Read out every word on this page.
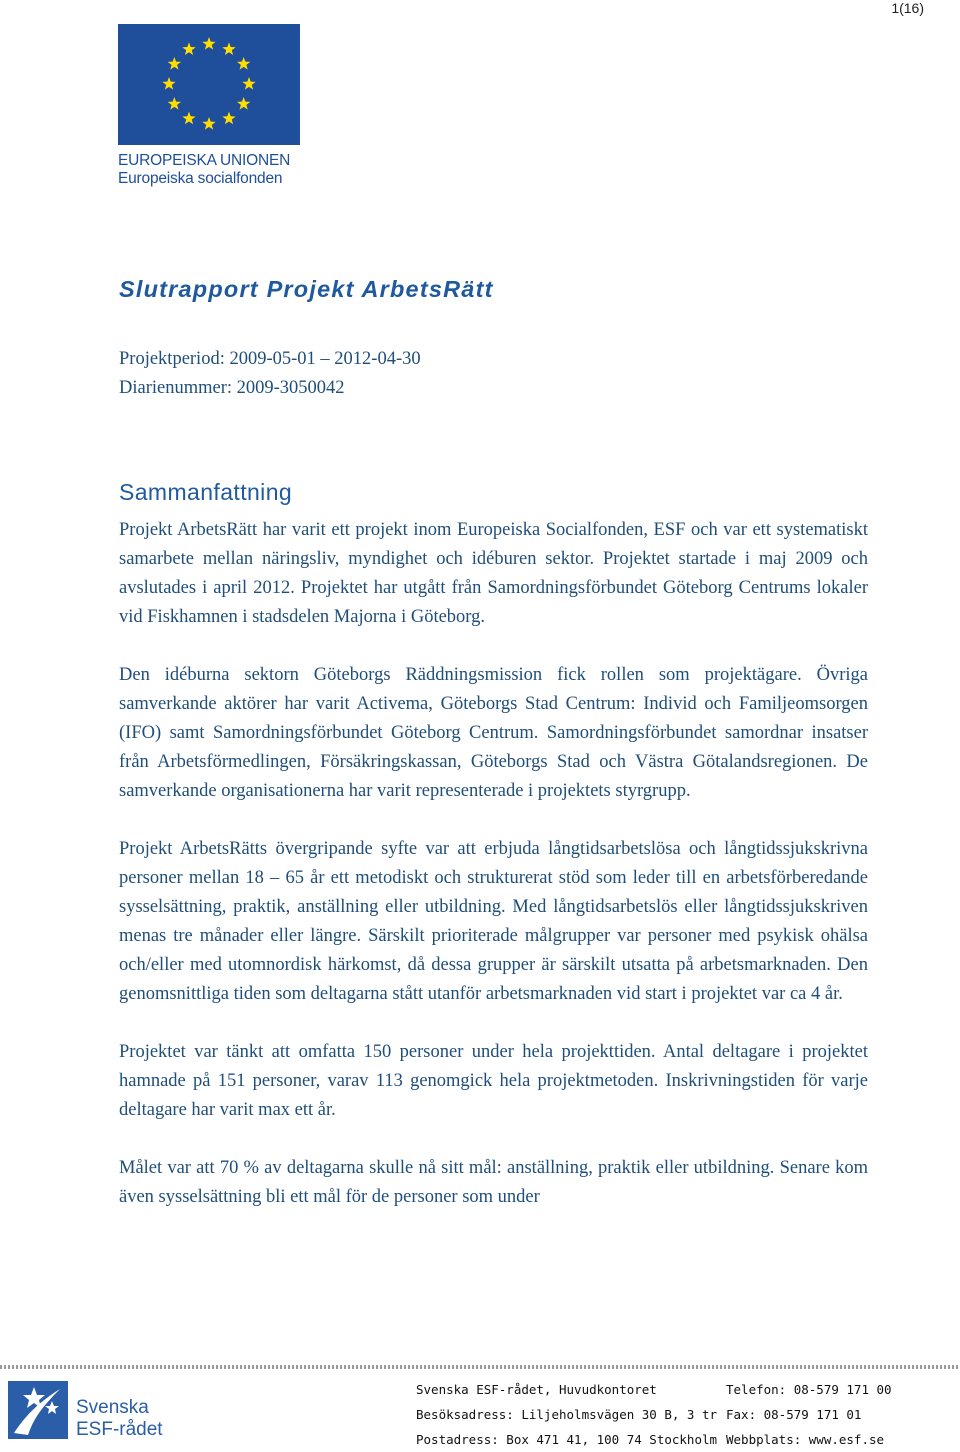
1(16)
EUROPEISKA UNIONEN
Europeiska socialfonden
Slutrapport Projekt ArbetsRätt
Projektperiod: 2009-05-01 – 2012-04-30
Diarienummer: 2009-3050042
Sammanfattning

Projekt ArbetsRätt har varit ett projekt inom Europeiska Socialfonden, ESF och var ett systematiskt samarbete mellan näringsliv, myndighet och idéburen sektor. Projektet startade i maj 2009 och avslutades i april 2012. Projektet har utgått från Samordningsförbundet Göteborg Centrums lokaler vid Fiskhamnen i stadsdelen Majorna i Göteborg.

Den idéburna sektorn Göteborgs Räddningsmission fick rollen som projektägare. Övriga samverkande aktörer har varit Activema, Göteborgs Stad Centrum: Individ och Familjeomsorgen (IFO) samt Samordningsförbundet Göteborg Centrum. Samordningsförbundet samordnar insatser från Arbetsförmedlingen, Försäkringskassan, Göteborgs Stad och Västra Götalandsregionen. De samverkande organisationerna har varit representerade i projektets styrgrupp.

Projekt ArbetsRätts övergripande syfte var att erbjuda långtidsarbetslösa och långtidssjukskrivna personer mellan 18 – 65 år ett metodiskt och strukturerat stöd som leder till en arbetsförberedande sysselsättning, praktik, anställning eller utbildning. Med långtidsarbetslös eller långtidssjukskriven menas tre månader eller längre. Särskilt prioriterade målgrupper var personer med psykisk ohälsa och/eller med utomnordisk härkomst, då dessa grupper är särskilt utsatta på arbetsmarknaden. Den genomsnittliga tiden som deltagarna stått utanför arbetsmarknaden vid start i projektet var ca 4 år.

Projektet var tänkt att omfatta 150 personer under hela projekttiden. Antal deltagare i projektet hamnade på 151 personer, varav 113 genomgick hela projektmetoden. Inskrivningstiden för varje deltagare har varit max ett år.

Målet var att 70 % av deltagarna skulle nå sitt mål: anställning, praktik eller utbildning. Senare kom även sysselsättning bli ett mål för de personer som under

Svenska
ESF-rådet
Svenska ESF-rådet, Huvudkontoret
Besöksadress: Liljeholmsvägen 30 B, 3 tr
Postadress: Box 471 41, 100 74 Stockholm
Telefon: 08-579 171 00
Fax: 08-579 171 01
Webbplats: www.esf.se
